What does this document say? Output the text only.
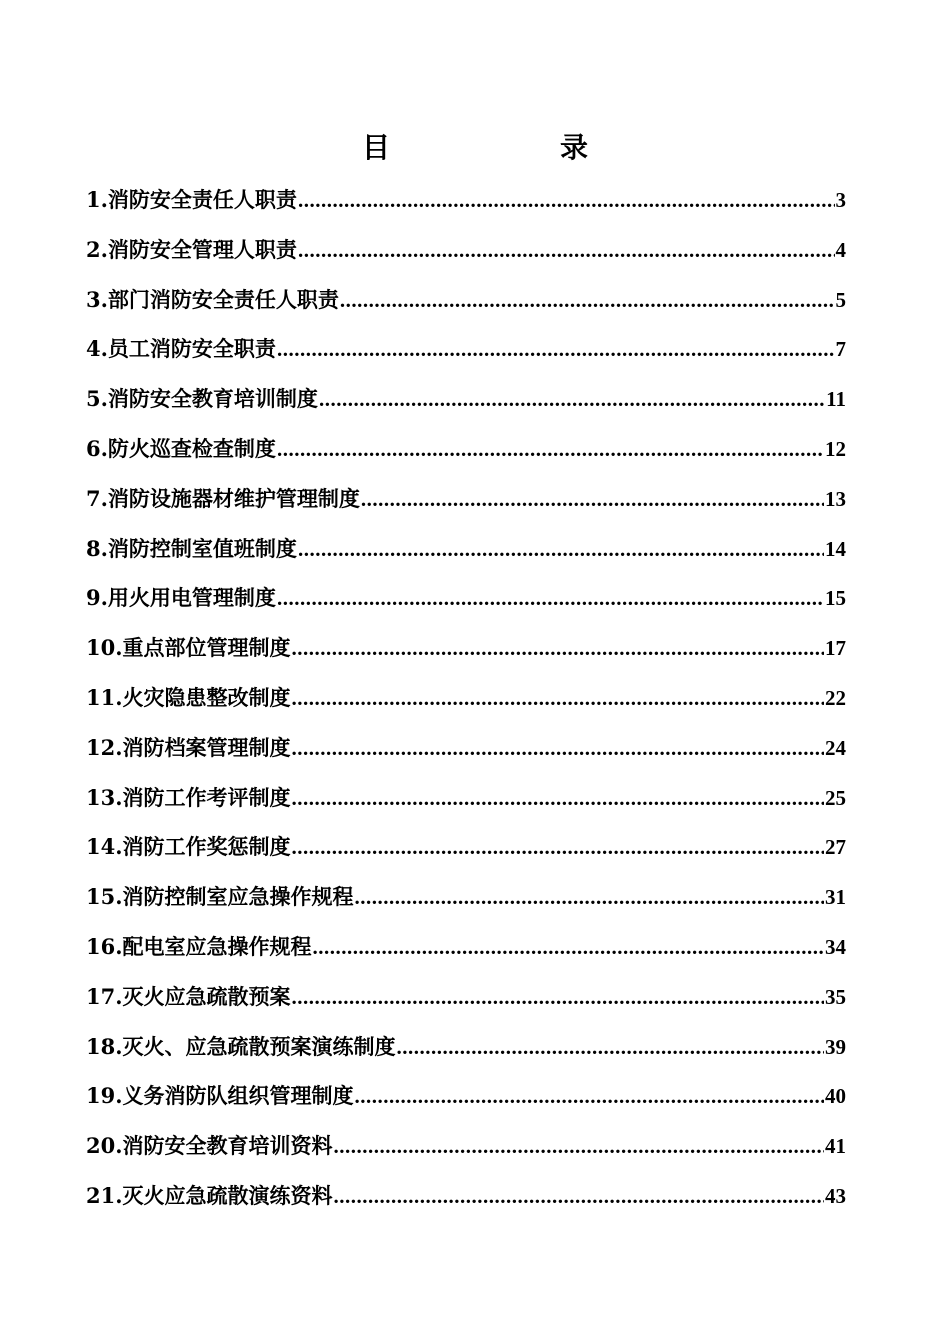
目　　录
1.消防安全责任人职责 .....	3
2.消防安全管理人职责 .....	4
3.部门消防安全责任人职责 .....	5
4.员工消防安全职责 .....	7
5.消防安全教育培训制度 .....	11
6.防火巡查检查制度 .....	12
7.消防设施器材维护管理制度 .....	13
8.消防控制室值班制度 .....	14
9.用火用电管理制度 .....	15
10.重点部位管理制度 .....	17
11.火灾隐患整改制度 .....	22
12.消防档案管理制度 .....	24
13.消防工作考评制度 .....	25
14.消防工作奖惩制度 .....	27
15.消防控制室应急操作规程 .....	31
16.配电室应急操作规程 .....	34
17.灭火应急疏散预案 .....	35
18.灭火、应急疏散预案演练制度 .....	39
19.义务消防队组织管理制度 .....	40
20.消防安全教育培训资料 .....	41
21.灭火应急疏散演练资料 .....	43
